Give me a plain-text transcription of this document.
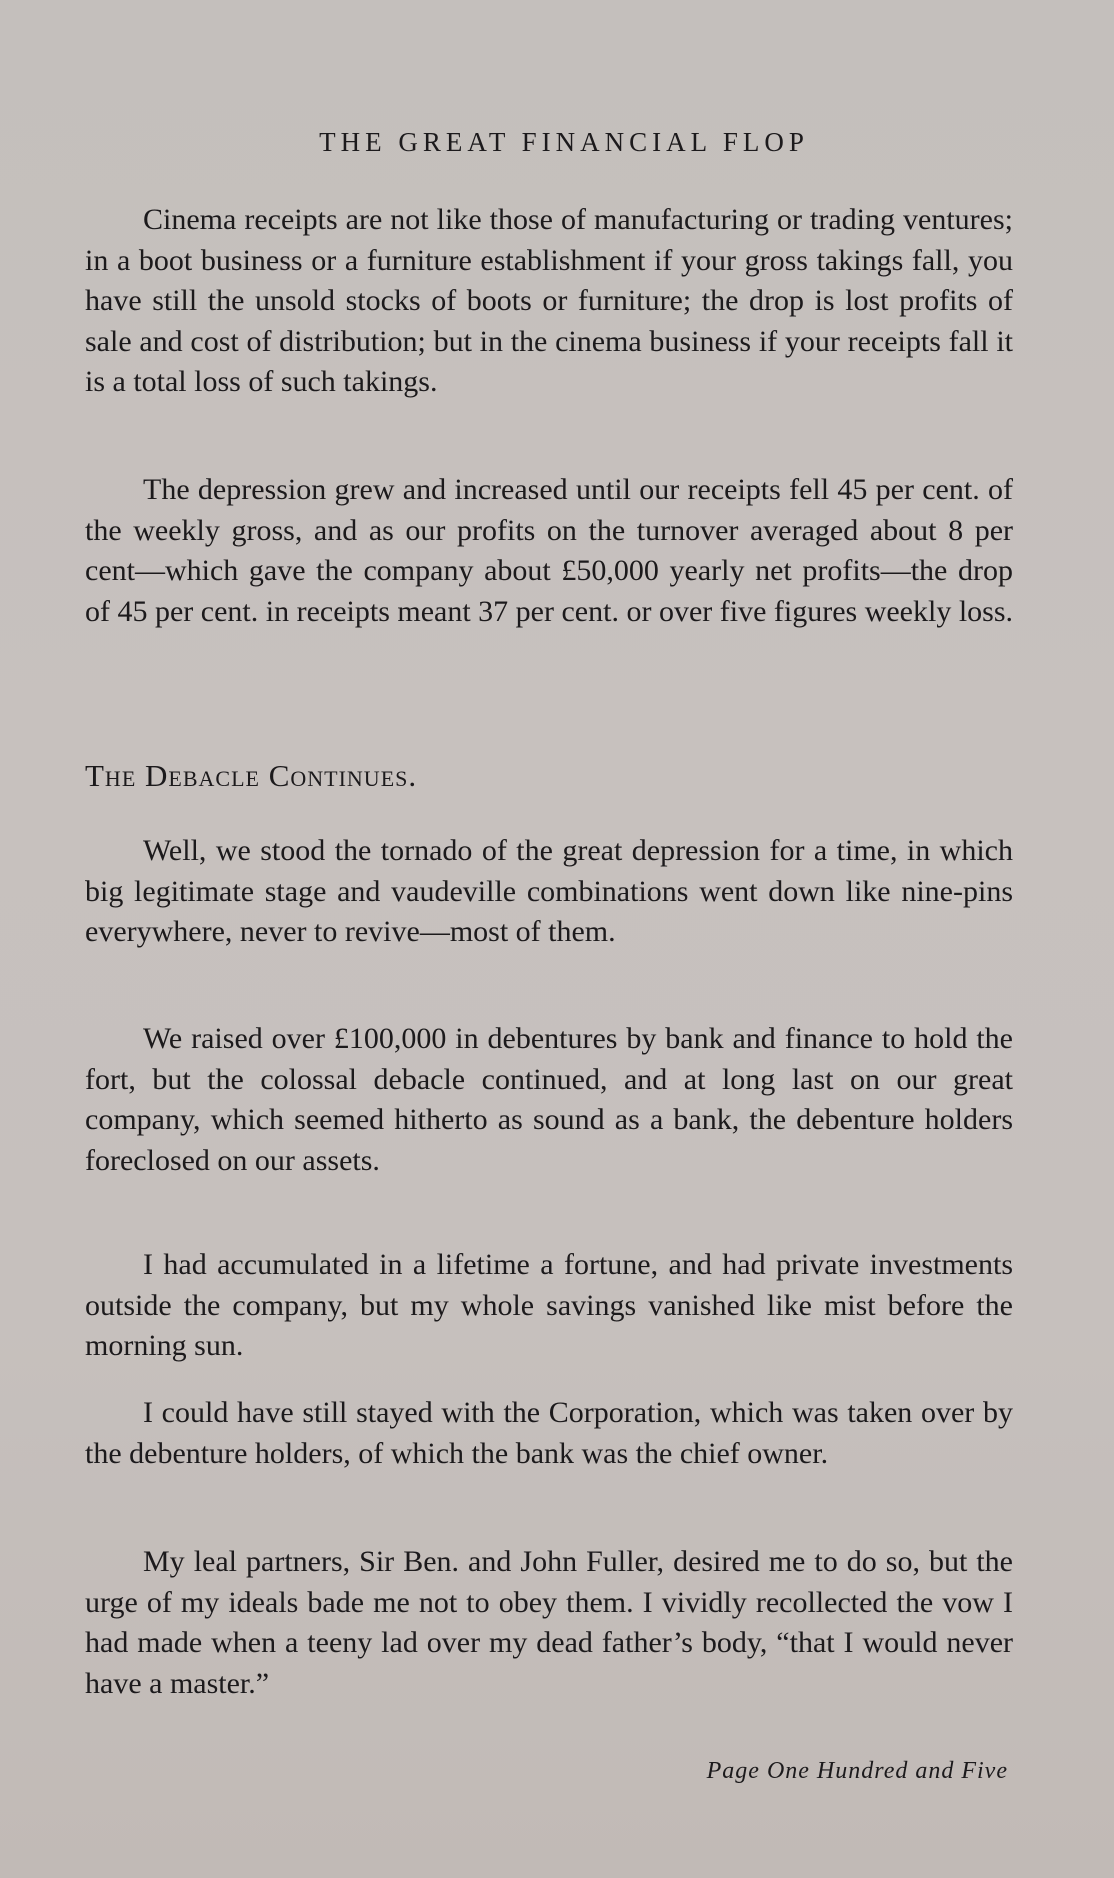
THE GREAT FINANCIAL FLOP

Cinema receipts are not like those of manufacturing or trading ventures; in a boot business or a furniture establishment if your gross takings fall, you have still the unsold stocks of boots or furniture; the drop is lost profits of sale and cost of distribution; but in the cinema business if your receipts fall it is a total loss of such takings.

The depression grew and increased until our receipts fell 45 per cent. of the weekly gross, and as our profits on the turnover averaged about 8 per cent—which gave the company about £50,000 yearly net profits—the drop of 45 per cent. in receipts meant 37 per cent. or over five figures weekly loss.

The Debacle Continues.

Well, we stood the tornado of the great depression for a time, in which big legitimate stage and vaudeville combinations went down like nine-pins everywhere, never to revive—most of them.

We raised over £100,000 in debentures by bank and finance to hold the fort, but the colossal debacle continued, and at long last on our great company, which seemed hitherto as sound as a bank, the debenture holders foreclosed on our assets.

I had accumulated in a lifetime a fortune, and had private investments outside the company, but my whole savings vanished like mist before the morning sun.

I could have still stayed with the Corporation, which was taken over by the debenture holders, of which the bank was the chief owner.

My leal partners, Sir Ben. and John Fuller, desired me to do so, but the urge of my ideals bade me not to obey them. I vividly recollected the vow I had made when a teeny lad over my dead father’s body, “that I would never have a master.”

Page One Hundred and Five
